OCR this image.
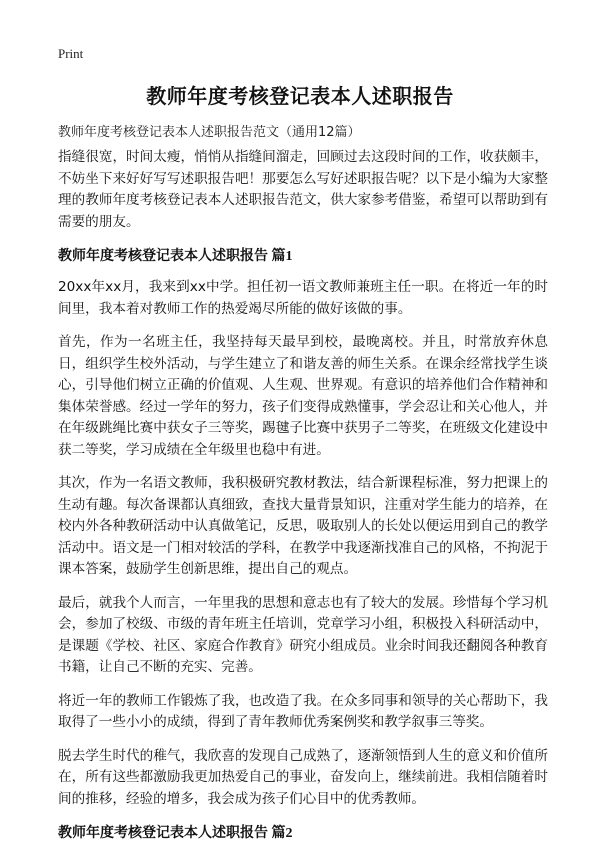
Print
教师年度考核登记表本人述职报告

教师年度考核登记表本人述职报告范文（通用12篇）

指缝很宽，时间太瘦，悄悄从指缝间溜走，回顾过去这段时间的工作，收获颇丰，不妨坐下来好好写写述职报告吧！那要怎么写好述职报告呢？以下是小编为大家整理的教师年度考核登记表本人述职报告范文，供大家参考借鉴，希望可以帮助到有需要的朋友。

教师年度考核登记表本人述职报告 篇1

20xx年xx月，我来到xx中学。担任初一语文教师兼班主任一职。在将近一年的时间里，我本着对教师工作的热爱竭尽所能的做好该做的事。

首先，作为一名班主任，我坚持每天最早到校，最晚离校。并且，时常放弃休息日，组织学生校外活动，与学生建立了和谐友善的师生关系。在课余经常找学生谈心，引导他们树立正确的价值观、人生观、世界观。有意识的培养他们合作精神和集体荣誉感。经过一学年的努力，孩子们变得成熟懂事，学会忍让和关心他人，并在年级跳绳比赛中获女子三等奖，踢毽子比赛中获男子二等奖，在班级文化建设中获二等奖，学习成绩在全年级里也稳中有进。

其次，作为一名语文教师，我积极研究教材教法，结合新课程标准，努力把课上的生动有趣。每次备课都认真细致，查找大量背景知识，注重对学生能力的培养，在校内外各种教研活动中认真做笔记，反思，吸取别人的长处以便运用到自己的教学活动中。语文是一门相对较活的学科，在教学中我逐渐找准自己的风格，不拘泥于课本答案，鼓励学生创新思维，提出自己的观点。

最后，就我个人而言，一年里我的思想和意志也有了较大的发展。珍惜每个学习机会，参加了校级、市级的青年班主任培训，党章学习小组，积极投入科研活动中，是课题《学校、社区、家庭合作教育》研究小组成员。业余时间我还翻阅各种教育书籍，让自己不断的充实、完善。

将近一年的教师工作锻炼了我，也改造了我。在众多同事和领导的关心帮助下，我取得了一些小小的成绩，得到了青年教师优秀案例奖和教学叙事三等奖。

脱去学生时代的稚气，我欣喜的发现自己成熟了，逐渐领悟到人生的意义和价值所在，所有这些都激励我更加热爱自己的事业，奋发向上，继续前进。我相信随着时间的推移，经验的增多，我会成为孩子们心目中的优秀教师。

教师年度考核登记表本人述职报告 篇2
